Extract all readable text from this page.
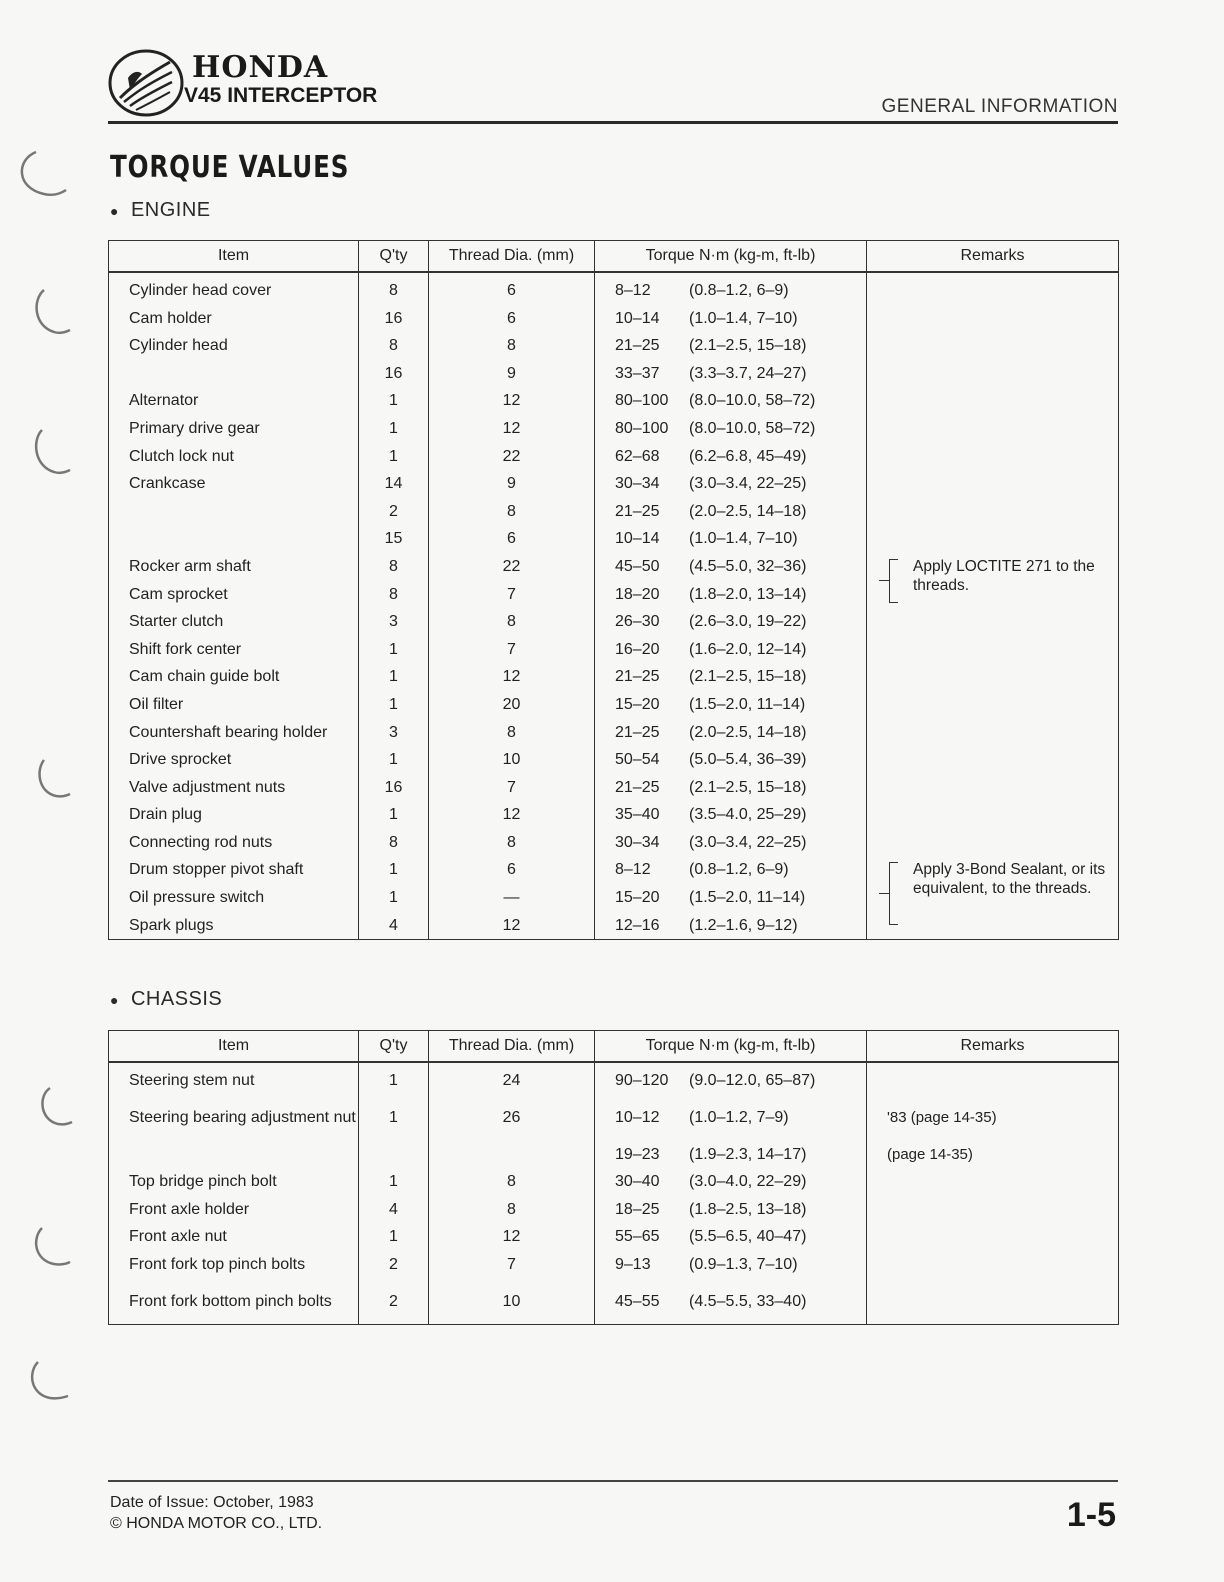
HONDA
V45 INTERCEPTOR	GENERAL INFORMATION
TORQUE VALUES
● ENGINE
Item	Q'ty	Thread Dia. (mm)	Torque N·m (kg-m, ft-lb)	Remarks
Cylinder head cover	8	6	8–12 (0.8–1.2, 6–9)	
Cam holder	16	6	10–14 (1.0–1.4, 7–10)	
Cylinder head	8	8	21–25 (2.1–2.5, 15–18)	
	16	9	33–37 (3.3–3.7, 24–27)	
Alternator	1	12	80–100 (8.0–10.0, 58–72)	
Primary drive gear	1	12	80–100 (8.0–10.0, 58–72)	
Clutch lock nut	1	22	62–68 (6.2–6.8, 45–49)	
Crankcase	14	9	30–34 (3.0–3.4, 22–25)	
	2	8	21–25 (2.0–2.5, 14–18)	
	15	6	10–14 (1.0–1.4, 7–10)	
Rocker arm shaft	8	22	45–50 (4.5–5.0, 32–36)	Apply LOCTITE 271 to the threads.

Cam sprocket	8	7	18–20 (1.8–2.0, 13–14)	
Starter clutch	3	8	26–30 (2.6–3.0, 19–22)	
Shift fork center	1	7	16–20 (1.6–2.0, 12–14)	
Cam chain guide bolt	1	12	21–25 (2.1–2.5, 15–18)	
Oil filter	1	20	15–20 (1.5–2.0, 11–14)	
Countershaft bearing holder	3	8	21–25 (2.0–2.5, 14–18)	
Drive sprocket	1	10	50–54 (5.0–5.4, 36–39)	
Valve adjustment nuts	16	7	21–25 (2.1–2.5, 15–18)	
Drain plug	1	12	35–40 (3.5–4.0, 25–29)	
Connecting rod nuts	8	8	30–34 (3.0–3.4, 22–25)	
Drum stopper pivot shaft	1	6	8–12 (0.8–1.2, 6–9)	Apply 3-Bond Sealant, or its equivalent, to the threads.

Oil pressure switch	1	—	15–20 (1.5–2.0, 11–14)	
Spark plugs	4	12	12–16 (1.2–1.6, 9–12)	
● CHASSIS
Item	Q'ty	Thread Dia. (mm)	Torque N·m (kg-m, ft-lb)	Remarks
Steering stem nut	1	24	90–120 (9.0–12.0, 65–87)	
Steering bearing adjustment nut	1	26	10–12 (1.0–1.2, 7–9)	'83 (page 14-35)
			19–23 (1.9–2.3, 14–17)	(page 14-35)
Top bridge pinch bolt	1	8	30–40 (3.0–4.0, 22–29)	
Front axle holder	4	8	18–25 (1.8–2.5, 13–18)	
Front axle nut	1	12	55–65 (5.5–6.5, 40–47)	
Front fork top pinch bolts	2	7	9–13 (0.9–1.3, 7–10)	
Front fork bottom pinch bolts	2	10	45–55 (4.5–5.5, 33–40)	
Date of Issue: October, 1983
© HONDA MOTOR CO., LTD.	1-5
